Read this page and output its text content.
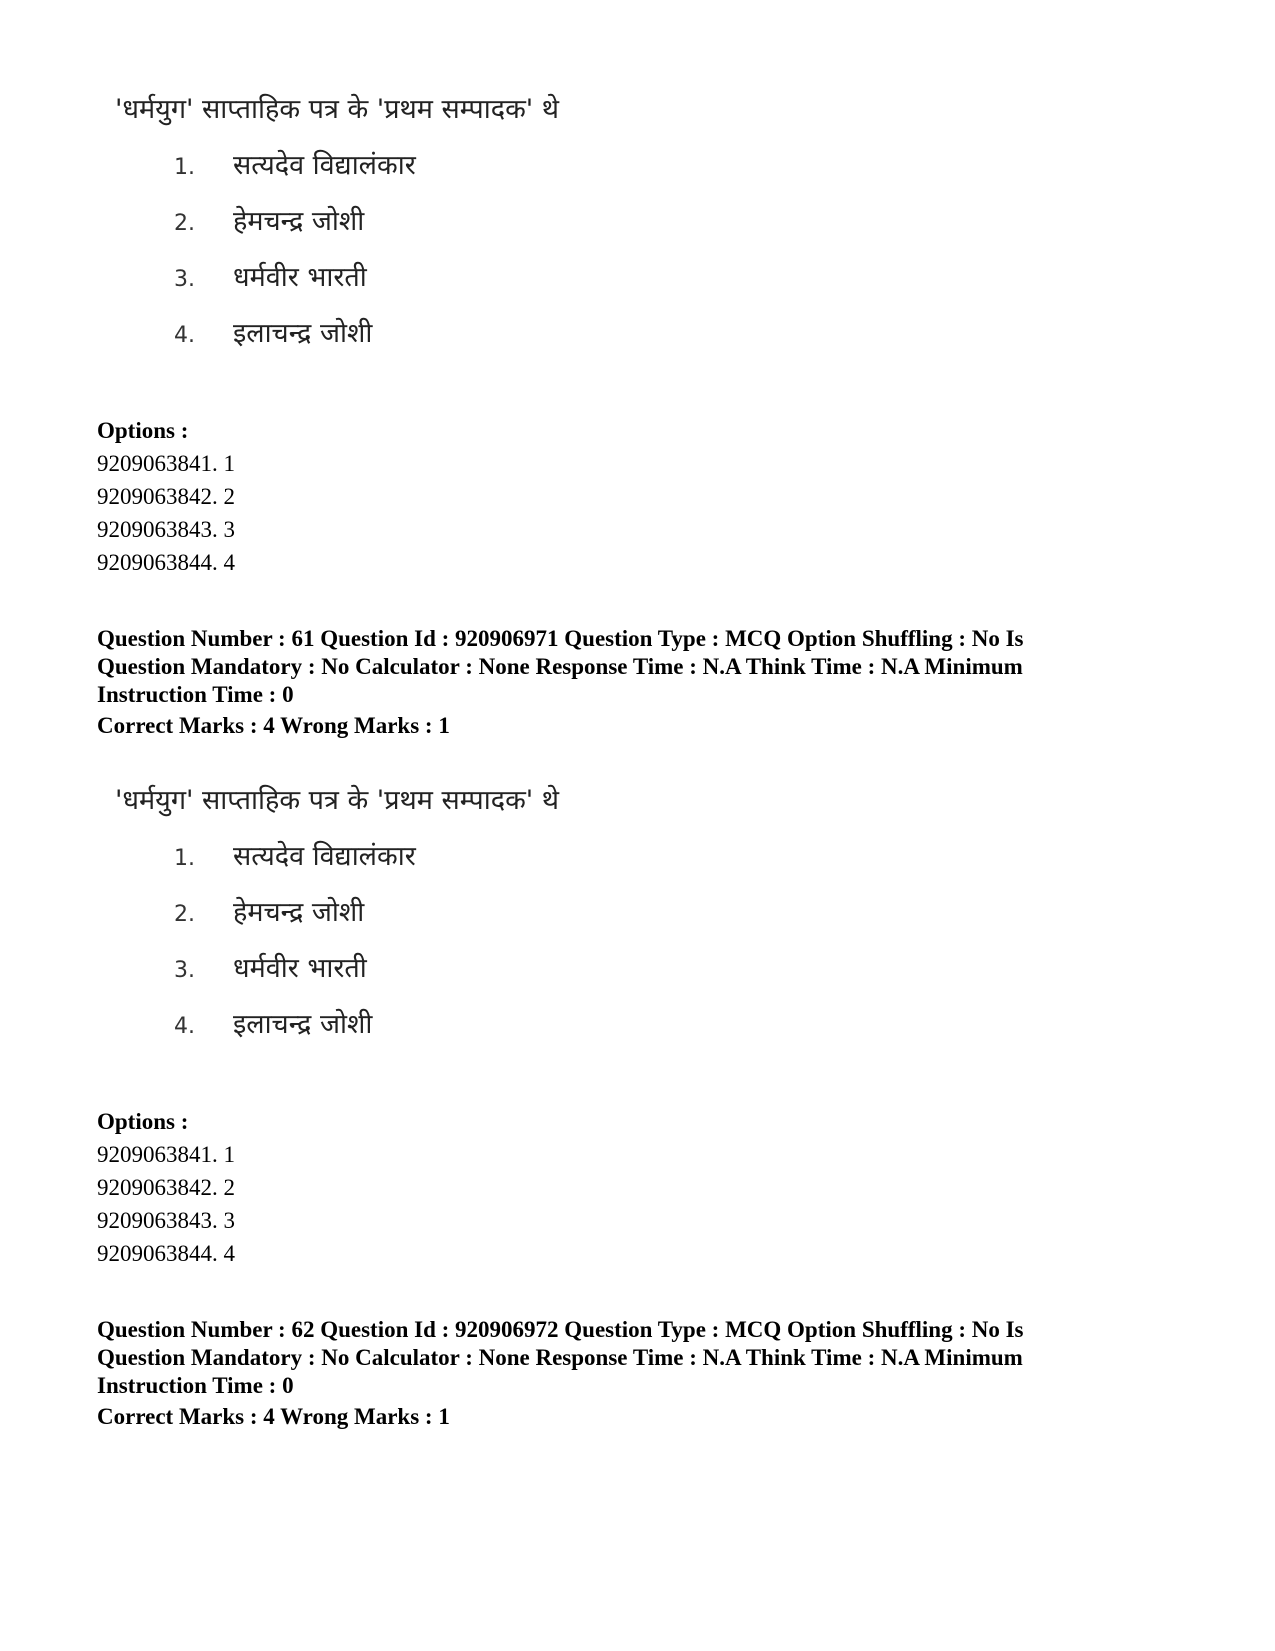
'धर्मयुग' साप्ताहिक पत्र के 'प्रथम सम्पादक' थे
1. सत्यदेव विद्यालंकार
2. हेमचन्द्र जोशी
3. धर्मवीर भारती
4. इलाचन्द्र जोशी
Options :
9209063841. 1
9209063842. 2
9209063843. 3
9209063844. 4
Question Number : 61 Question Id : 920906971 Question Type : MCQ Option Shuffling : No Is
Question Mandatory : No Calculator : None Response Time : N.A Think Time : N.A Minimum
Instruction Time : 0
Correct Marks : 4 Wrong Marks : 1
'धर्मयुग' साप्ताहिक पत्र के 'प्रथम सम्पादक' थे
1. सत्यदेव विद्यालंकार
2. हेमचन्द्र जोशी
3. धर्मवीर भारती
4. इलाचन्द्र जोशी
Options :
9209063841. 1
9209063842. 2
9209063843. 3
9209063844. 4
Question Number : 62 Question Id : 920906972 Question Type : MCQ Option Shuffling : No Is
Question Mandatory : No Calculator : None Response Time : N.A Think Time : N.A Minimum
Instruction Time : 0
Correct Marks : 4 Wrong Marks : 1
